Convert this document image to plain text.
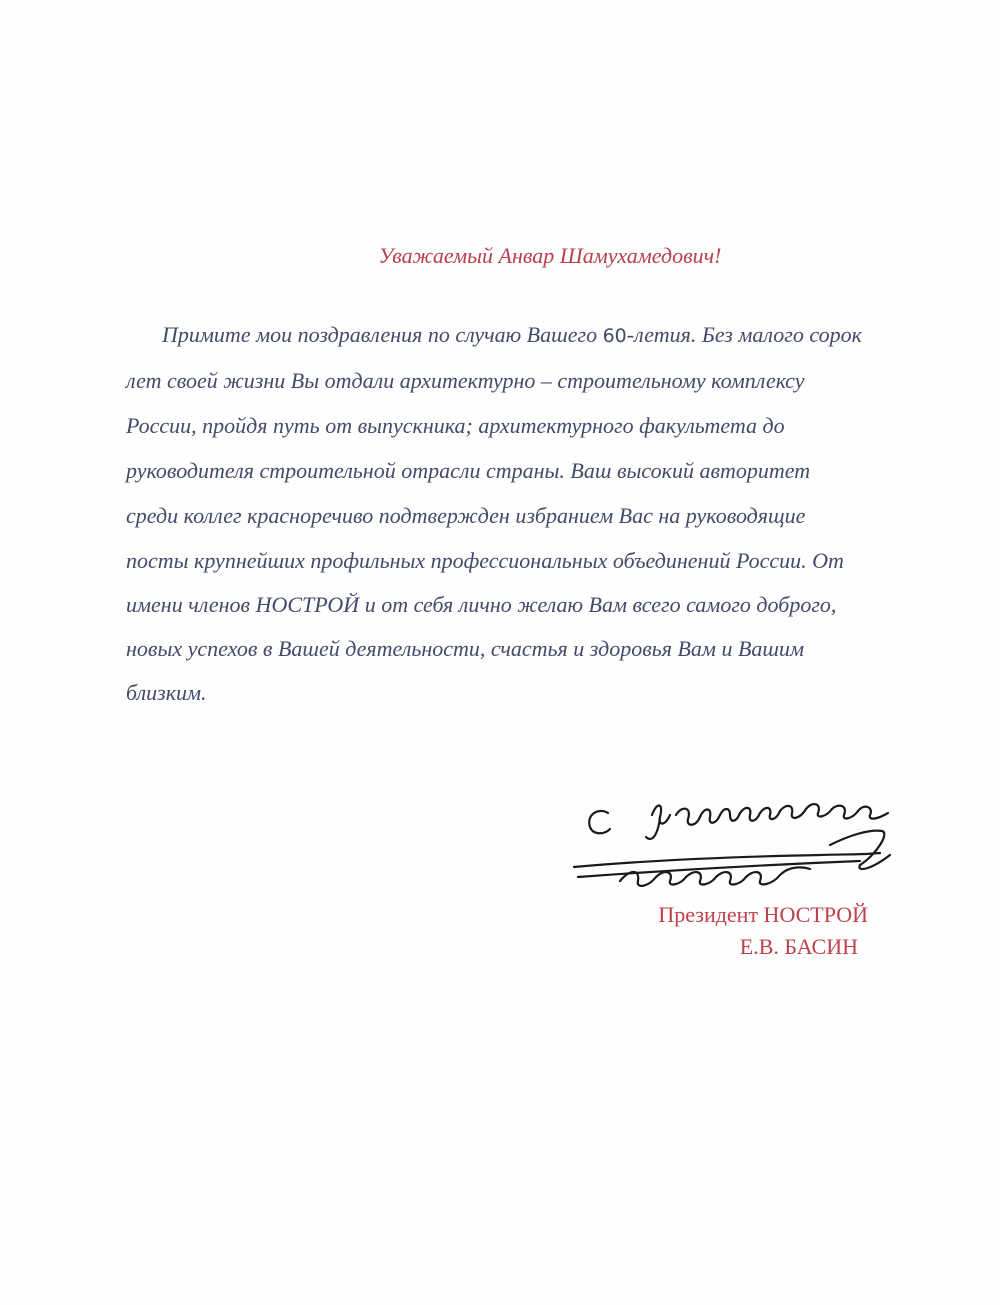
Уважаемый Анвар Шамухамедович!
Примите мои поздравления по случаю Вашего 60-летия. Без малого сорок
лет своей жизни Вы отдали архитектурно – строительному комплексу
России, пройдя путь от выпускника; архитектурного факультета до
руководителя строительной отрасли страны. Ваш высокий авторитет
среди коллег красноречиво подтвержден избранием Вас на руководящие
посты крупнейших профильных профессиональных объединений России. От
имени членов НОСТРОЙ и от себя лично желаю Вам всего самого доброго,
новых успехов в Вашей деятельности, счастья и здоровья Вам и Вашим
близким.
Президент НОСТРОЙ
Е.В. БАСИН
